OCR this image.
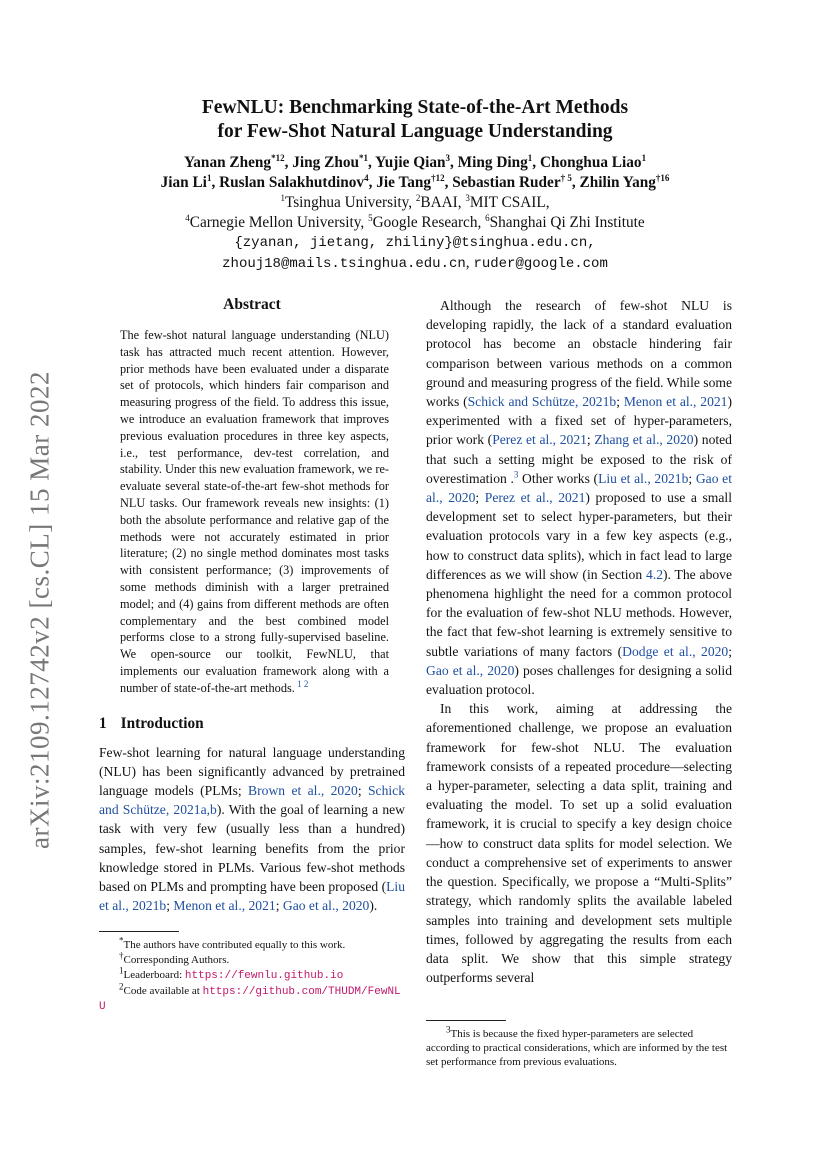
arXiv:2109.12742v2 [cs.CL] 15 Mar 2022
FewNLU: Benchmarking State-of-the-Art Methods
for Few-Shot Natural Language Understanding
Yanan Zheng$^{*12}$, Jing Zhou$^{*1}$, Yujie Qian$^3$, Ming Ding$^1$, Chonghua Liao$^1$
Jian Li$^1$, Ruslan Salakhutdinov$^4$, Jie Tang$^{\dagger 12}$, Sebastian Ruder$^{\dagger 5}$, Zhilin Yang$^{\dagger 16}$
$^1$Tsinghua University, $^2$BAAI, $^3$MIT CSAIL,
$^4$Carnegie Mellon University, $^5$Google Research, $^6$Shanghai Qi Zhi Institute
{zyanan, jietang, zhiliny}@tsinghua.edu.cn,
zhouj18@mails.tsinghua.edu.cn, ruder@google.com
Abstract
The few-shot natural language understanding (NLU) task has attracted much recent attention. However, prior methods have been evaluated under a disparate set of protocols, which hinders fair comparison and measuring progress of the field. To address this issue, we introduce an evaluation framework that improves previous evaluation procedures in three key aspects, i.e., test performance, dev-test correlation, and stability. Under this new evaluation framework, we re-evaluate several state-of-the-art few-shot methods for NLU tasks. Our framework reveals new insights: (1) both the absolute performance and relative gap of the methods were not accurately estimated in prior literature; (2) no single method dominates most tasks with consistent performance; (3) improvements of some methods diminish with a larger pretrained model; and (4) gains from different methods are often complementary and the best combined model performs close to a strong fully-supervised baseline. We open-source our toolkit, FewNLU, that implements our evaluation framework along with a number of state-of-the-art methods. $^{1 2}$
1 Introduction

Few-shot learning for natural language understanding (NLU) has been significantly advanced by pretrained language models (PLMs; Brown et al., 2020; Schick and Schütze, 2021a,b). With the goal of learning a new task with very few (usually less than a hundred) samples, few-shot learning benefits from the prior knowledge stored in PLMs. Various few-shot methods based on PLMs and prompting have been proposed (Liu et al., 2021b; Menon et al., 2021; Gao et al., 2020).

*The authors have contributed equally to this work.

†Corresponding Authors.

$^1$Leaderboard: https://fewnlu.github.io

$^2$Code available at https://github.com/THUDM/FewNLU

Although the research of few-shot NLU is developing rapidly, the lack of a standard evaluation protocol has become an obstacle hindering fair comparison between various methods on a common ground and measuring progress of the field. While some works (Schick and Schütze, 2021b; Menon et al., 2021) experimented with a fixed set of hyper-parameters, prior work (Perez et al., 2021; Zhang et al., 2020) noted that such a setting might be exposed to the risk of overestimation .$^3$ Other works (Liu et al., 2021b; Gao et al., 2020; Perez et al., 2021) proposed to use a small development set to select hyper-parameters, but their evaluation protocols vary in a few key aspects (e.g., how to construct data splits), which in fact lead to large differences as we will show (in Section 4.2). The above phenomena highlight the need for a common protocol for the evaluation of few-shot NLU methods. However, the fact that few-shot learning is extremely sensitive to subtle variations of many factors (Dodge et al., 2020; Gao et al., 2020) poses challenges for designing a solid evaluation protocol.

In this work, aiming at addressing the aforementioned challenge, we propose an evaluation framework for few-shot NLU. The evaluation framework consists of a repeated procedure—selecting a hyper-parameter, selecting a data split, training and evaluating the model. To set up a solid evaluation framework, it is crucial to specify a key design choice—how to construct data splits for model selection. We conduct a comprehensive set of experiments to answer the question. Specifically, we propose a “Multi-Splits” strategy, which randomly splits the available labeled samples into training and development sets multiple times, followed by aggregating the results from each data split. We show that this simple strategy outperforms several

$^3$This is because the fixed hyper-parameters are selected according to practical considerations, which are informed by the test set performance from previous evaluations.
